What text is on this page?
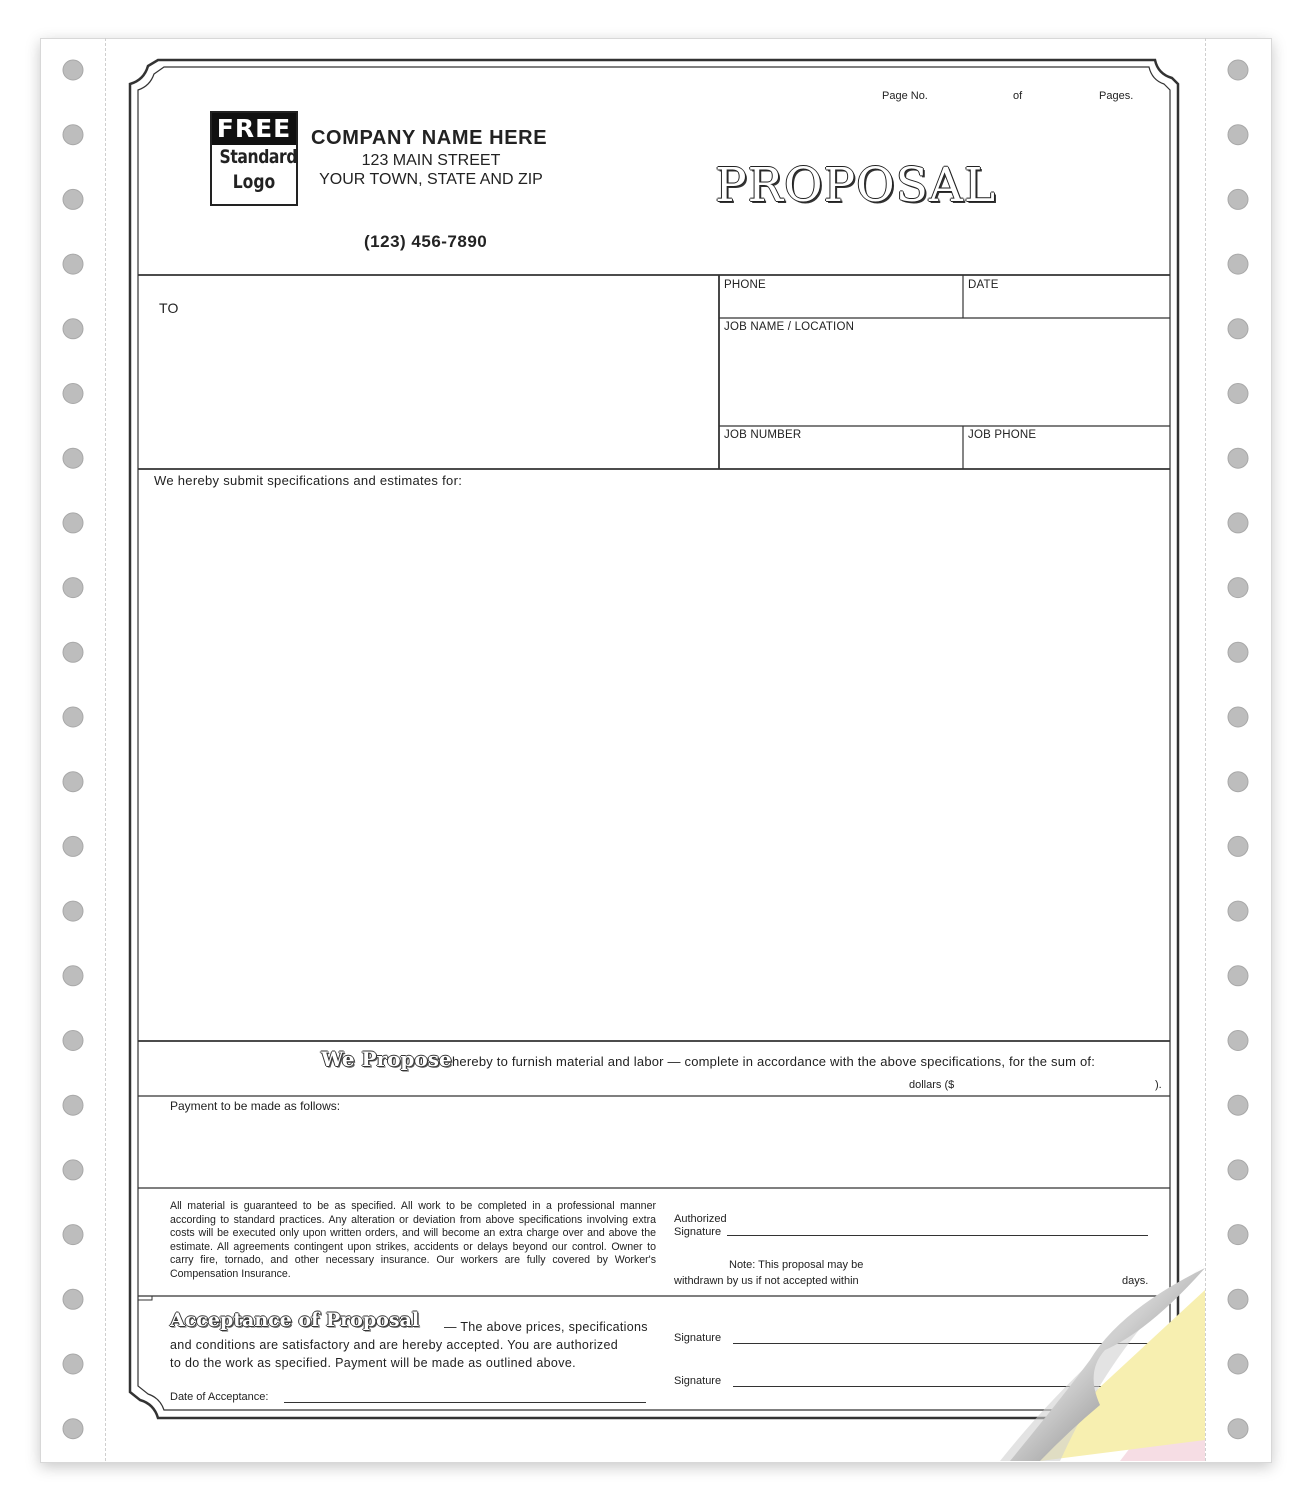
Page No.	of	Pages.
FREE
Standard
Logo
COMPANY NAME HERE
123 MAIN STREET
YOUR TOWN, STATE AND ZIP
(123) 456-7890
PROPOSAL
TO
PHONE	DATE
JOB NAME / LOCATION
JOB NUMBER	JOB PHONE
We hereby submit specifications and estimates for:
We Propose hereby to furnish material and labor — complete in accordance with the above specifications, for the sum of:
dollars ($	).
Payment to be made as follows:
All material is guaranteed to be as specified. All work to be completed in a professional manner according to standard practices. Any alteration or deviation from above specifications involving extra costs will be executed only upon written orders, and will become an extra charge over and above the estimate. All agreements contingent upon strikes, accidents or delays beyond our control. Owner to carry fire, tornado, and other necessary insurance. Our workers are fully covered by Worker's Compensation Insurance.
Authorized
Signature
Note: This proposal may be
withdrawn by us if not accepted within	days.
Acceptance of Proposal — The above prices, specifications
and conditions are satisfactory and are hereby accepted. You are authorized
to do the work as specified. Payment will be made as outlined above.
Date of Acceptance:
Signature
Signature
